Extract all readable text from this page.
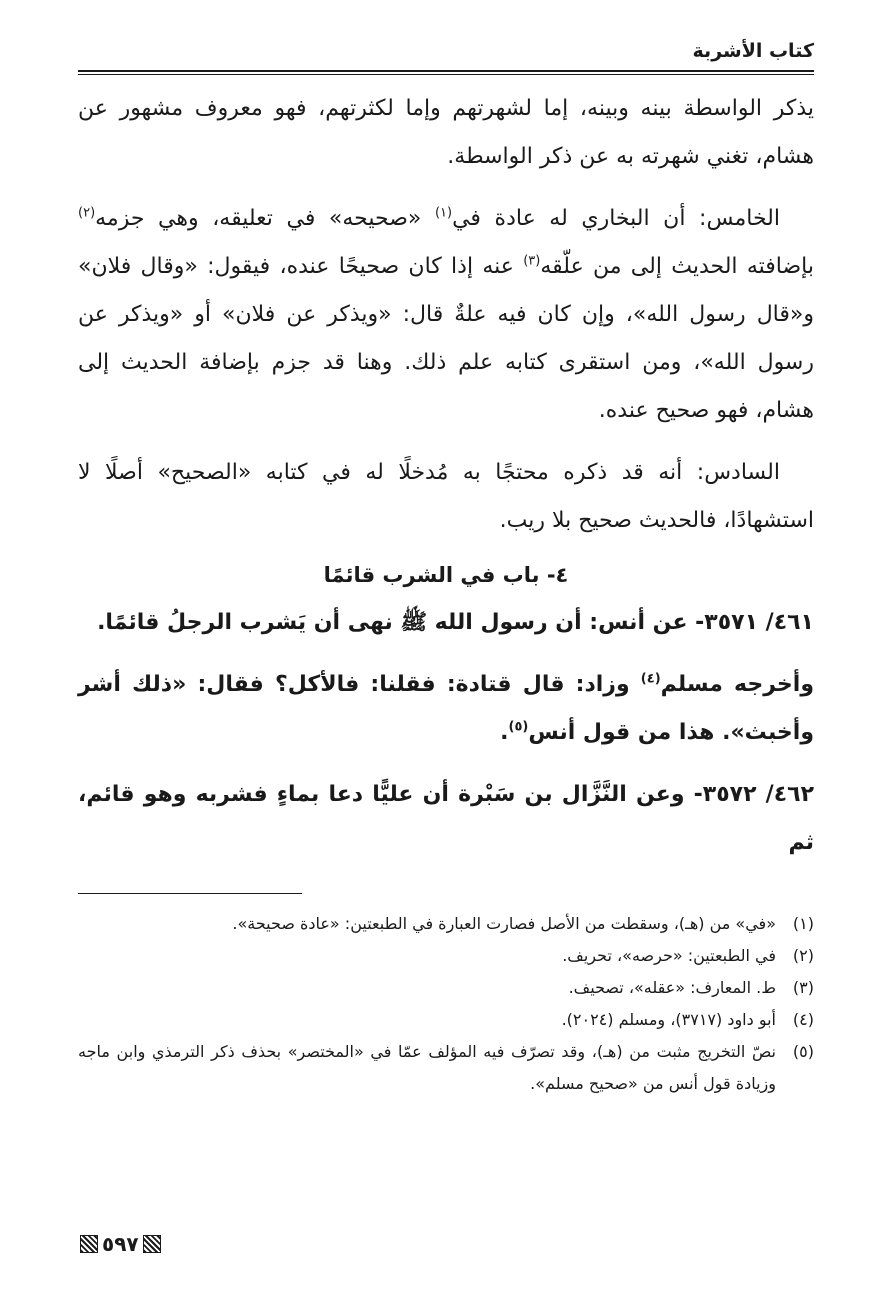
كتاب الأشربة

يذكر الواسطة بينه وبينه، إما لشهرتهم وإما لكثرتهم، فهو معروف مشهور عن هشام، تغني شهرته به عن ذكر الواسطة.

الخامس: أن البخاري له عادة في$^{(١)}$ «صحيحه» في تعليقه، وهي جزمه$^{(٢)}$ بإضافته الحديث إلى من علّقه$^{(٣)}$ عنه إذا كان صحيحًا عنده، فيقول: «وقال فلان» و«قال رسول الله»، وإن كان فيه علةٌ قال: «ويذكر عن فلان» أو «ويذكر عن رسول الله»، ومن استقرى كتابه علم ذلك. وهنا قد جزم بإضافة الحديث إلى هشام، فهو صحيح عنده.

السادس: أنه قد ذكره محتجًا به مُدخلًا له في كتابه «الصحيح» أصلًا لا استشهادًا، فالحديث صحيح بلا ريب.

٤- باب في الشرب قائمًا
٤٦١/ ٣٥٧١- عن أنس: أن رسول الله ﷺ نهى أن يَشرب الرجلُ قائمًا.
وأخرجه مسلم$^{(٤)}$ وزاد: قال قتادة: فقلنا: فالأكل؟ فقال: «ذلك أشر وأخبث». هذا من قول أنس$^{(٥)}$.
٤٦٢/ ٣٥٧٢- وعن النَّزَّال بن سَبْرة أن عليًّا دعا بماءٍ فشربه وهو قائم، ثم
(١)
«في» من (هـ)، وسقطت من الأصل فصارت العبارة في الطبعتين: «عادة صحيحة».
(٢)
في الطبعتين: «حرصه»، تحريف.
(٣)
ط. المعارف: «عقله»، تصحيف.
(٤)
أبو داود (٣٧١٧)، ومسلم (٢٠٢٤).
(٥)
نصّ التخريج مثبت من (هـ)، وقد تصرّف فيه المؤلف عمّا في «المختصر» بحذف ذكر الترمذي وابن ماجه وزيادة قول أنس من «صحيح مسلم».
٥٩٧
